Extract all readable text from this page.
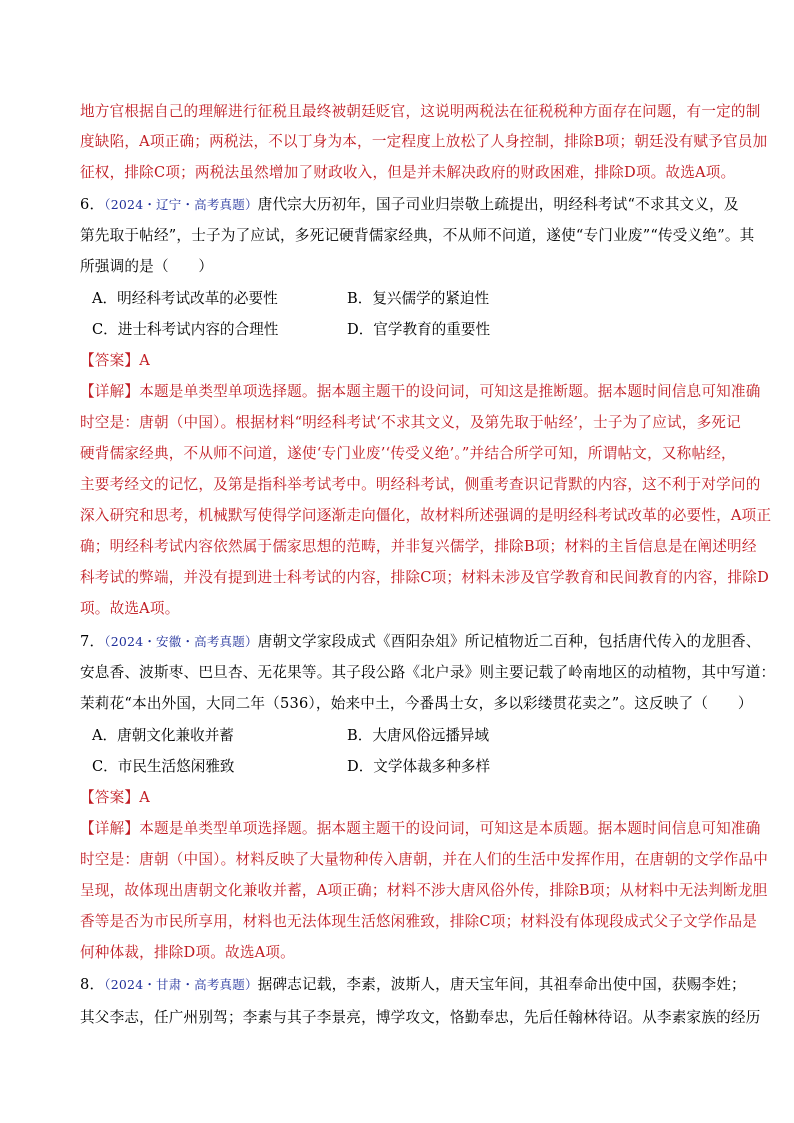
地方官根据自己的理解进行征税且最终被朝廷贬官，这说明两税法在征税税种方面存在问题，有一定的制
度缺陷，A项正确；两税法，不以丁身为本，一定程度上放松了人身控制，排除B项；朝廷没有赋予官员加
征权，排除C项；两税法虽然增加了财政收入，但是并未解决政府的财政困难，排除D项。故选A项。
6．（2024・辽宁・高考真题）唐代宗大历初年，国子司业归崇敬上疏提出，明经科考试“不求其文义，及
第先取于帖经”，士子为了应试，多死记硬背儒家经典，不从师不问道，遂使“专门业废”“传受义绝”。其
所强调的是（　　）
A．明经科考试改革的必要性	B．复兴儒学的紧迫性
C．进士科考试内容的合理性	D．官学教育的重要性
【答案】A
【详解】本题是单类型单项选择题。据本题主题干的设问词，可知这是推断题。据本题时间信息可知准确
时空是：唐朝（中国）。根据材料“明经科考试‘不求其文义，及第先取于帖经’，士子为了应试，多死记
硬背儒家经典，不从师不问道，遂使‘专门业废’‘传受义绝’。”并结合所学可知，所谓帖文，又称帖经，
主要考经文的记忆，及第是指科举考试考中。明经科考试，侧重考查识记背默的内容，这不利于对学问的
深入研究和思考，机械默写使得学问逐渐走向僵化，故材料所述强调的是明经科考试改革的必要性，A项正
确；明经科考试内容依然属于儒家思想的范畴，并非复兴儒学，排除B项；材料的主旨信息是在阐述明经
科考试的弊端，并没有提到进士科考试的内容，排除C项；材料未涉及官学教育和民间教育的内容，排除D
项。故选A项。
7．（2024・安徽・高考真题）唐朝文学家段成式《酉阳杂俎》所记植物近二百种，包括唐代传入的龙胆香、
安息香、波斯枣、巴旦杏、无花果等。其子段公路《北户录》则主要记载了岭南地区的动植物，其中写道：
茉莉花“本出外国，大同二年（536），始来中土，今番禺士女，多以彩缕贯花卖之”。这反映了（　　）
A．唐朝文化兼收并蓄	B．大唐风俗远播异域
C．市民生活悠闲雅致	D．文学体裁多种多样
【答案】A
【详解】本题是单类型单项选择题。据本题主题干的设问词，可知这是本质题。据本题时间信息可知准确
时空是：唐朝（中国）。材料反映了大量物种传入唐朝，并在人们的生活中发挥作用，在唐朝的文学作品中
呈现，故体现出唐朝文化兼收并蓄，A项正确；材料不涉大唐风俗外传，排除B项；从材料中无法判断龙胆
香等是否为市民所享用，材料也无法体现生活悠闲雅致，排除C项；材料没有体现段成式父子文学作品是
何种体裁，排除D项。故选A项。
8．（2024・甘肃・高考真题）据碑志记载，李素，波斯人，唐天宝年间，其祖奉命出使中国，获赐李姓；
其父李志，任广州别驾；李素与其子李景亮，博学攻文，恪勤奉忠，先后任翰林待诏。从李素家族的经历
